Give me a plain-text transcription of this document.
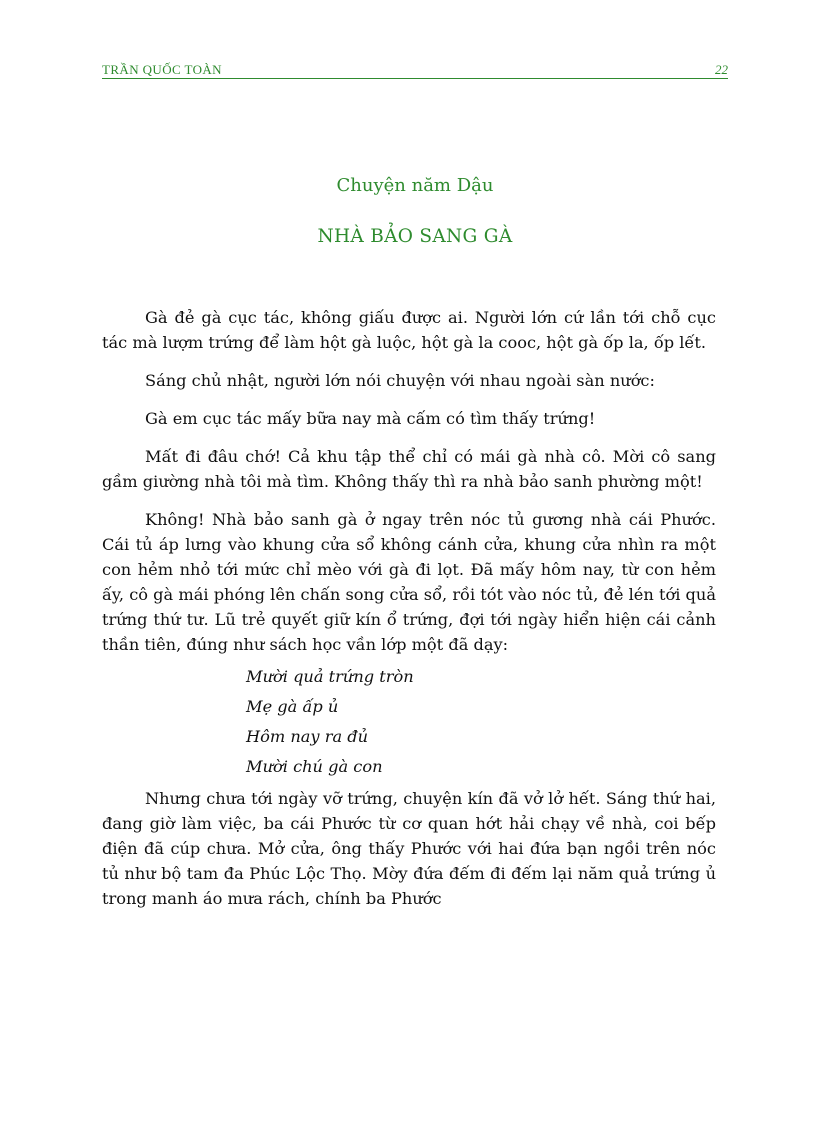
TRẦN QUỐC TOÀN	22
Chuyện năm Dậu
NHÀ BẢO SANG GÀ

Gà đẻ gà cục tác, không giấu được ai. Người lớn cứ lần tới chỗ cục tác mà lượm trứng để làm hột gà luộc, hột gà la cooc, hột gà ốp la, ốp lết.

Sáng chủ nhật, người lớn nói chuyện với nhau ngoài sàn nước:

Gà em cục tác mấy bữa nay mà cấm có tìm thấy trứng!

Mất đi đâu chớ! Cả khu tập thể chỉ có mái gà nhà cô. Mời cô sang gầm giường nhà tôi mà tìm. Không thấy thì ra nhà bảo sanh phường một!

Không! Nhà bảo sanh gà ở ngay trên nóc tủ gương nhà cái Phước. Cái tủ áp lưng vào khung cửa sổ không cánh cửa, khung cửa nhìn ra một con hẻm nhỏ tới mức chỉ mèo với gà đi lọt. Đã mấy hôm nay, từ con hẻm ấy, cô gà mái phóng lên chấn song cửa sổ, rồi tót vào nóc tủ, đẻ lén tới quả trứng thứ tư. Lũ trẻ quyết giữ kín ổ trứng, đợi tới ngày hiển hiện cái cảnh thần tiên, đúng như sách học vần lớp một đã dạy:

Mười quả trứng tròn
Mẹ gà ấp ủ
Hôm nay ra đủ
Mười chú gà con

Nhưng chưa tới ngày vỡ trứng, chuyện kín đã vở lở hết. Sáng thứ hai, đang giờ làm việc, ba cái Phước từ cơ quan hớt hải chạy về nhà, coi bếp điện đã cúp chưa. Mở cửa, ông thấy Phước với hai đứa bạn ngồi trên nóc tủ như bộ tam đa Phúc Lộc Thọ. Mờy đứa đếm đi đếm lại năm quả trứng ủ trong manh áo mưa rách, chính ba Phước
